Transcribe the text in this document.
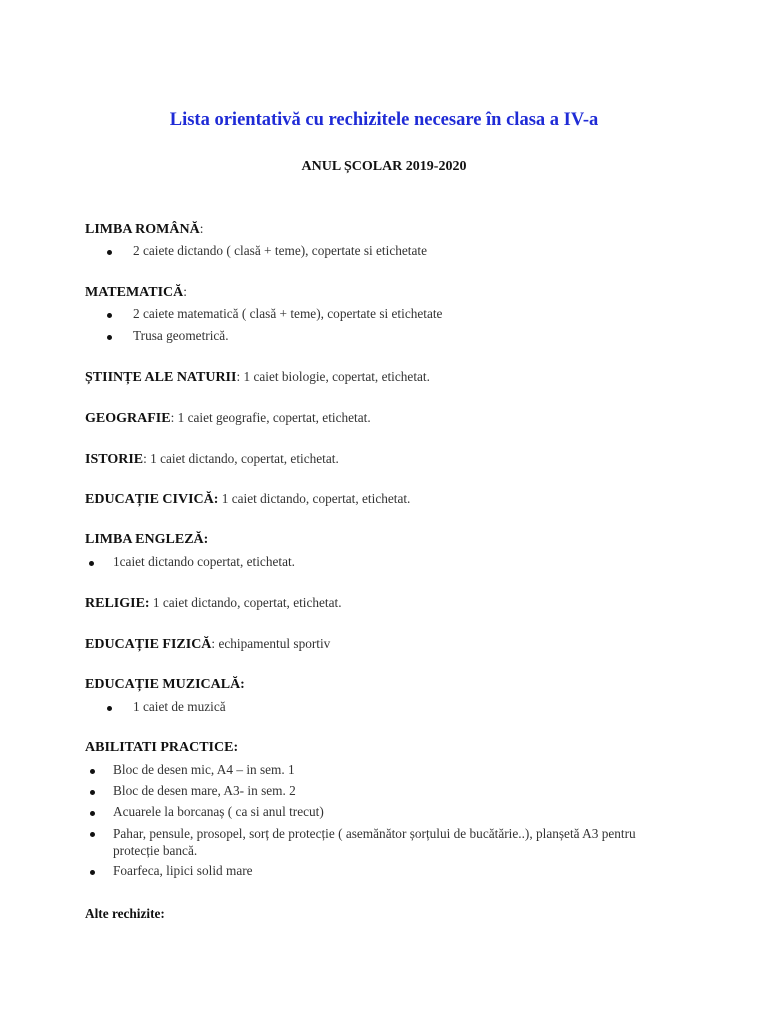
Lista orientativă cu rechizitele necesare în clasa a IV-a
ANUL ȘCOLAR 2019-2020
LIMBA ROMÂNĂ:
2 caiete dictando ( clasă + teme), copertate si etichetate
MATEMATICĂ:
2 caiete matematică ( clasă + teme), copertate si etichetate
Trusa geometrică.
ȘTIINȚE ALE NATURII: 1 caiet biologie, copertat, etichetat.
GEOGRAFIE: 1 caiet geografie, copertat, etichetat.
ISTORIE: 1 caiet dictando, copertat, etichetat.
EDUCAȚIE CIVICĂ: 1 caiet dictando, copertat, etichetat.
LIMBA ENGLEZĂ:
1caiet dictando copertat, etichetat.
RELIGIE: 1 caiet dictando, copertat, etichetat.
EDUCAȚIE FIZICĂ: echipamentul sportiv
EDUCAȚIE MUZICALĂ:
1 caiet de muzică
ABILITATI PRACTICE:
Bloc de desen mic, A4 – in sem. 1
Bloc de desen mare, A3- in sem. 2
Acuarele la borcanaș ( ca si anul trecut)
Pahar, pensule, prosopel, sorț de protecție ( asemănător șorțului de bucătărie..), planșetă A3 pentru protecție bancă.
Foarfeca, lipici solid mare
Alte rechizite:
